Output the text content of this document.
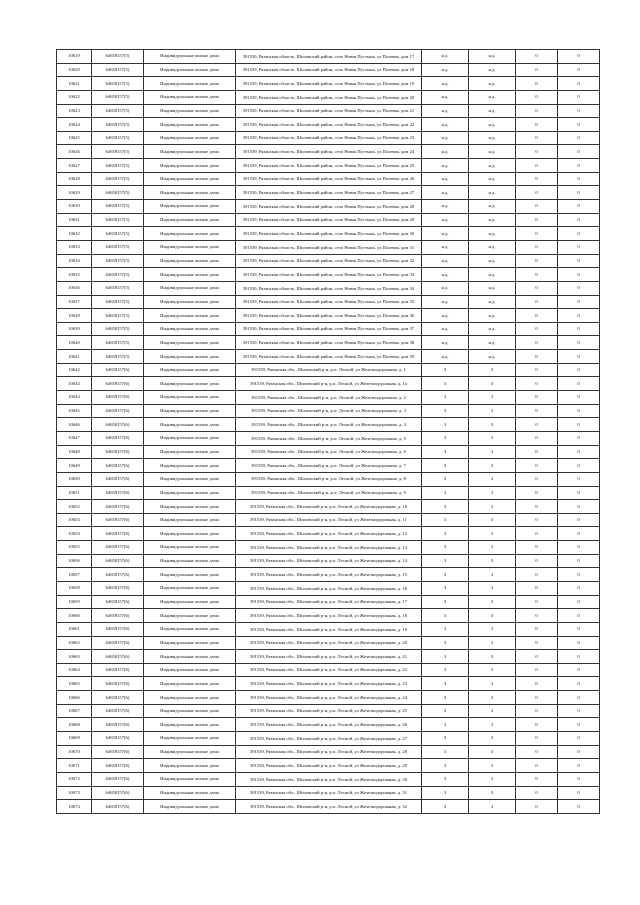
10619	64658157(5)	Индивидуальные жилые дома	391539, Рязанская область, Шиловский район, село Новая Пустынь, ул Полевая, дом 17	н.д.	н.д.	0	0
10620	64658157(5)	Индивидуальные жилые дома	391539, Рязанская область, Шиловский район, село Новая Пустынь, ул Полевая, дом 18	н.д.	н.д.	0	0
10621	64658157(5)	Индивидуальные жилые дома	391539, Рязанская область, Шиловский район, село Новая Пустынь, ул Полевая, дом 19	н.д.	н.д.	0	0
10622	64658157(5)	Индивидуальные жилые дома	391539, Рязанская область, Шиловский район, село Новая Пустынь, ул Полевая, дом 20	н.д.	н.д.	0	0
10623	64658157(5)	Индивидуальные жилые дома	391539, Рязанская область, Шиловский район, село Новая Пустынь, ул Полевая, дом 21	н.д.	н.д.	0	0
10624	64658157(5)	Индивидуальные жилые дома	391539, Рязанская область, Шиловский район, село Новая Пустынь, ул Полевая, дом 22	н.д.	н.д.	0	0
10625	64658157(5)	Индивидуальные жилые дома	391539, Рязанская область, Шиловский район, село Новая Пустынь, ул Полевая, дом 23	н.д.	н.д.	0	0
10626	64658157(5)	Индивидуальные жилые дома	391539, Рязанская область, Шиловский район, село Новая Пустынь, ул Полевая, дом 24	н.д.	н.д.	0	0
10627	64658157(5)	Индивидуальные жилые дома	391539, Рязанская область, Шиловский район, село Новая Пустынь, ул Полевая, дом 25	н.д.	н.д.	0	0
10628	64658157(5)	Индивидуальные жилые дома	391539, Рязанская область, Шиловский район, село Новая Пустынь, ул Полевая, дом 26	н.д.	н.д.	0	0
10629	64658157(5)	Индивидуальные жилые дома	391539, Рязанская область, Шиловский район, село Новая Пустынь, ул Полевая, дом 27	н.д.	н.д.	0	0
10630	64658157(5)	Индивидуальные жилые дома	391539, Рязанская область, Шиловский район, село Новая Пустынь, ул Полевая, дом 28	н.д.	н.д.	0	0
10631	64658157(5)	Индивидуальные жилые дома	391539, Рязанская область, Шиловский район, село Новая Пустынь, ул Полевая, дом 29	н.д.	н.д.	0	0
10632	64658157(5)	Индивидуальные жилые дома	391539, Рязанская область, Шиловский район, село Новая Пустынь, ул Полевая, дом 30	н.д.	н.д.	0	0
10633	64658157(5)	Индивидуальные жилые дома	391539, Рязанская область, Шиловский район, село Новая Пустынь, ул Полевая, дом 31	н.д.	н.д.	0	0
10634	64658157(5)	Индивидуальные жилые дома	391539, Рязанская область, Шиловский район, село Новая Пустынь, ул Полевая, дом 32	н.д.	н.д.	0	0
10635	64658157(5)	Индивидуальные жилые дома	391539, Рязанская область, Шиловский район, село Новая Пустынь, ул Полевая, дом 33	н.д.	н.д.	0	0
10636	64658157(5)	Индивидуальные жилые дома	391539, Рязанская область, Шиловский район, село Новая Пустынь, ул Полевая, дом 34	н.д.	н.д.	0	0
10637	64658157(5)	Индивидуальные жилые дома	391539, Рязанская область, Шиловский район, село Новая Пустынь, ул Полевая, дом 35	н.д.	н.д.	0	0
10638	64658157(5)	Индивидуальные жилые дома	391539, Рязанская область, Шиловский район, село Новая Пустынь, ул Полевая, дом 36	н.д.	н.д.	0	0
10639	64658157(5)	Индивидуальные жилые дома	391539, Рязанская область, Шиловский район, село Новая Пустынь, ул Полевая, дом 37	н.д.	н.д.	0	0
10640	64658157(5)	Индивидуальные жилые дома	391539, Рязанская область, Шиловский район, село Новая Пустынь, ул Полевая, дом 38	н.д.	н.д.	0	0
10641	64658157(5)	Индивидуальные жилые дома	391539, Рязанская область, Шиловский район, село Новая Пустынь, ул Полевая, дом 39	н.д.	н.д.	0	0
10642	64658157(6)	Индивидуальные жилые дома	391539, Рязанская обл., Шиловский р-н, р.п. Лесной, ул Железнодорожная, д. 1	3	3	0	0
10643	64658157(6)	Индивидуальные жилые дома	391539, Рязанская обл., Шиловский р-н, р.п. Лесной, ул Железнодорожная, д. 1а	3	3	0	0
10644	64658157(6)	Индивидуальные жилые дома	391539, Рязанская обл., Шиловский р-н, р.п. Лесной, ул Железнодорожная, д. 2	3	3	0	0
10645	64658157(6)	Индивидуальные жилые дома	391539, Рязанская обл., Шиловский р-н, р.п. Лесной, ул Железнодорожная, д. 3	3	3	0	0
10646	64658157(6)	Индивидуальные жилые дома	391539, Рязанская обл., Шиловский р-н, р.п. Лесной, ул Железнодорожная, д. 4	3	3	0	0
10647	64658157(6)	Индивидуальные жилые дома	391539, Рязанская обл., Шиловский р-н, р.п. Лесной, ул Железнодорожная, д. 5	3	3	0	0
10648	64658157(6)	Индивидуальные жилые дома	391539, Рязанская обл., Шиловский р-н, р.п. Лесной, ул Железнодорожная, д. 6	3	3	0	0
10649	64658157(6)	Индивидуальные жилые дома	391539, Рязанская обл., Шиловский р-н, р.п. Лесной, ул Железнодорожная, д. 7	3	3	0	0
10650	64658157(6)	Индивидуальные жилые дома	391539, Рязанская обл., Шиловский р-н, р.п. Лесной, ул Железнодорожная, д. 8	3	3	0	0
10651	64658157(6)	Индивидуальные жилые дома	391539, Рязанская обл., Шиловский р-н, р.п. Лесной, ул Железнодорожная, д. 9	3	3	0	0
10652	64658157(6)	Индивидуальные жилые дома	391539, Рязанская обл., Шиловский р-н, р.п. Лесной, ул Железнодорожная, д. 10	3	3	0	0
10653	64658157(6)	Индивидуальные жилые дома	391539, Рязанская обл., Шиловский р-н, р.п. Лесной, ул Железнодорожная, д. 11	3	3	0	0
10654	64658157(6)	Индивидуальные жилые дома	391539, Рязанская обл., Шиловский р-н, р.п. Лесной, ул Железнодорожная, д. 12	3	3	0	0
10655	64658157(6)	Индивидуальные жилые дома	391539, Рязанская обл., Шиловский р-н, р.п. Лесной, ул Железнодорожная, д. 13	3	3	0	0
10656	64658157(6)	Индивидуальные жилые дома	391539, Рязанская обл., Шиловский р-н, р.п. Лесной, ул Железнодорожная, д. 14	3	3	0	0
10657	64658157(6)	Индивидуальные жилые дома	391539, Рязанская обл., Шиловский р-н, р.п. Лесной, ул Железнодорожная, д. 15	3	3	0	0
10658	64658157(6)	Индивидуальные жилые дома	391539, Рязанская обл., Шиловский р-н, р.п. Лесной, ул Железнодорожная, д. 16	3	3	0	0
10659	64658157(6)	Индивидуальные жилые дома	391539, Рязанская обл., Шиловский р-н, р.п. Лесной, ул Железнодорожная, д. 17	3	3	0	0
10660	64658157(6)	Индивидуальные жилые дома	391539, Рязанская обл., Шиловский р-н, р.п. Лесной, ул Железнодорожная, д. 18	3	3	0	0
10661	64658157(6)	Индивидуальные жилые дома	391539, Рязанская обл., Шиловский р-н, р.п. Лесной, ул Железнодорожная, д. 19	3	3	0	0
10662	64658157(6)	Индивидуальные жилые дома	391539, Рязанская обл., Шиловский р-н, р.п. Лесной, ул Железнодорожная, д. 20	3	3	0	0
10663	64658157(6)	Индивидуальные жилые дома	391539, Рязанская обл., Шиловский р-н, р.п. Лесной, ул Железнодорожная, д. 21	3	3	0	0
10664	64658157(6)	Индивидуальные жилые дома	391539, Рязанская обл., Шиловский р-н, р.п. Лесной, ул Железнодорожная, д. 22	3	3	0	0
10665	64658157(6)	Индивидуальные жилые дома	391539, Рязанская обл., Шиловский р-н, р.п. Лесной, ул Железнодорожная, д. 23	3	3	0	0
10666	64658157(6)	Индивидуальные жилые дома	391539, Рязанская обл., Шиловский р-н, р.п. Лесной, ул Железнодорожная, д. 24	3	3	0	0
10667	64658157(6)	Индивидуальные жилые дома	391539, Рязанская обл., Шиловский р-н, р.п. Лесной, ул Железнодорожная, д. 25	3	3	0	0
10668	64658157(6)	Индивидуальные жилые дома	391539, Рязанская обл., Шиловский р-н, р.п. Лесной, ул Железнодорожная, д. 26	3	3	0	0
10669	64658157(6)	Индивидуальные жилые дома	391539, Рязанская обл., Шиловский р-н, р.п. Лесной, ул Железнодорожная, д. 27	3	3	0	0
10670	64658157(6)	Индивидуальные жилые дома	391539, Рязанская обл., Шиловский р-н, р.п. Лесной, ул Железнодорожная, д. 28	3	3	0	0
10671	64658157(6)	Индивидуальные жилые дома	391539, Рязанская обл., Шиловский р-н, р.п. Лесной, ул Железнодорожная, д. 29	3	3	0	0
10672	64658157(6)	Индивидуальные жилые дома	391539, Рязанская обл., Шиловский р-н, р.п. Лесной, ул Железнодорожная, д. 30	3	3	0	0
10673	64658157(6)	Индивидуальные жилые дома	391539, Рязанская обл., Шиловский р-н, р.п. Лесной, ул Железнодорожная, д. 31	3	3	0	0
10674	64658157(6)	Индивидуальные жилые дома	391539, Рязанская обл., Шиловский р-н, р.п. Лесной, ул Железнодорожная, д. 32	3	3	0	0
